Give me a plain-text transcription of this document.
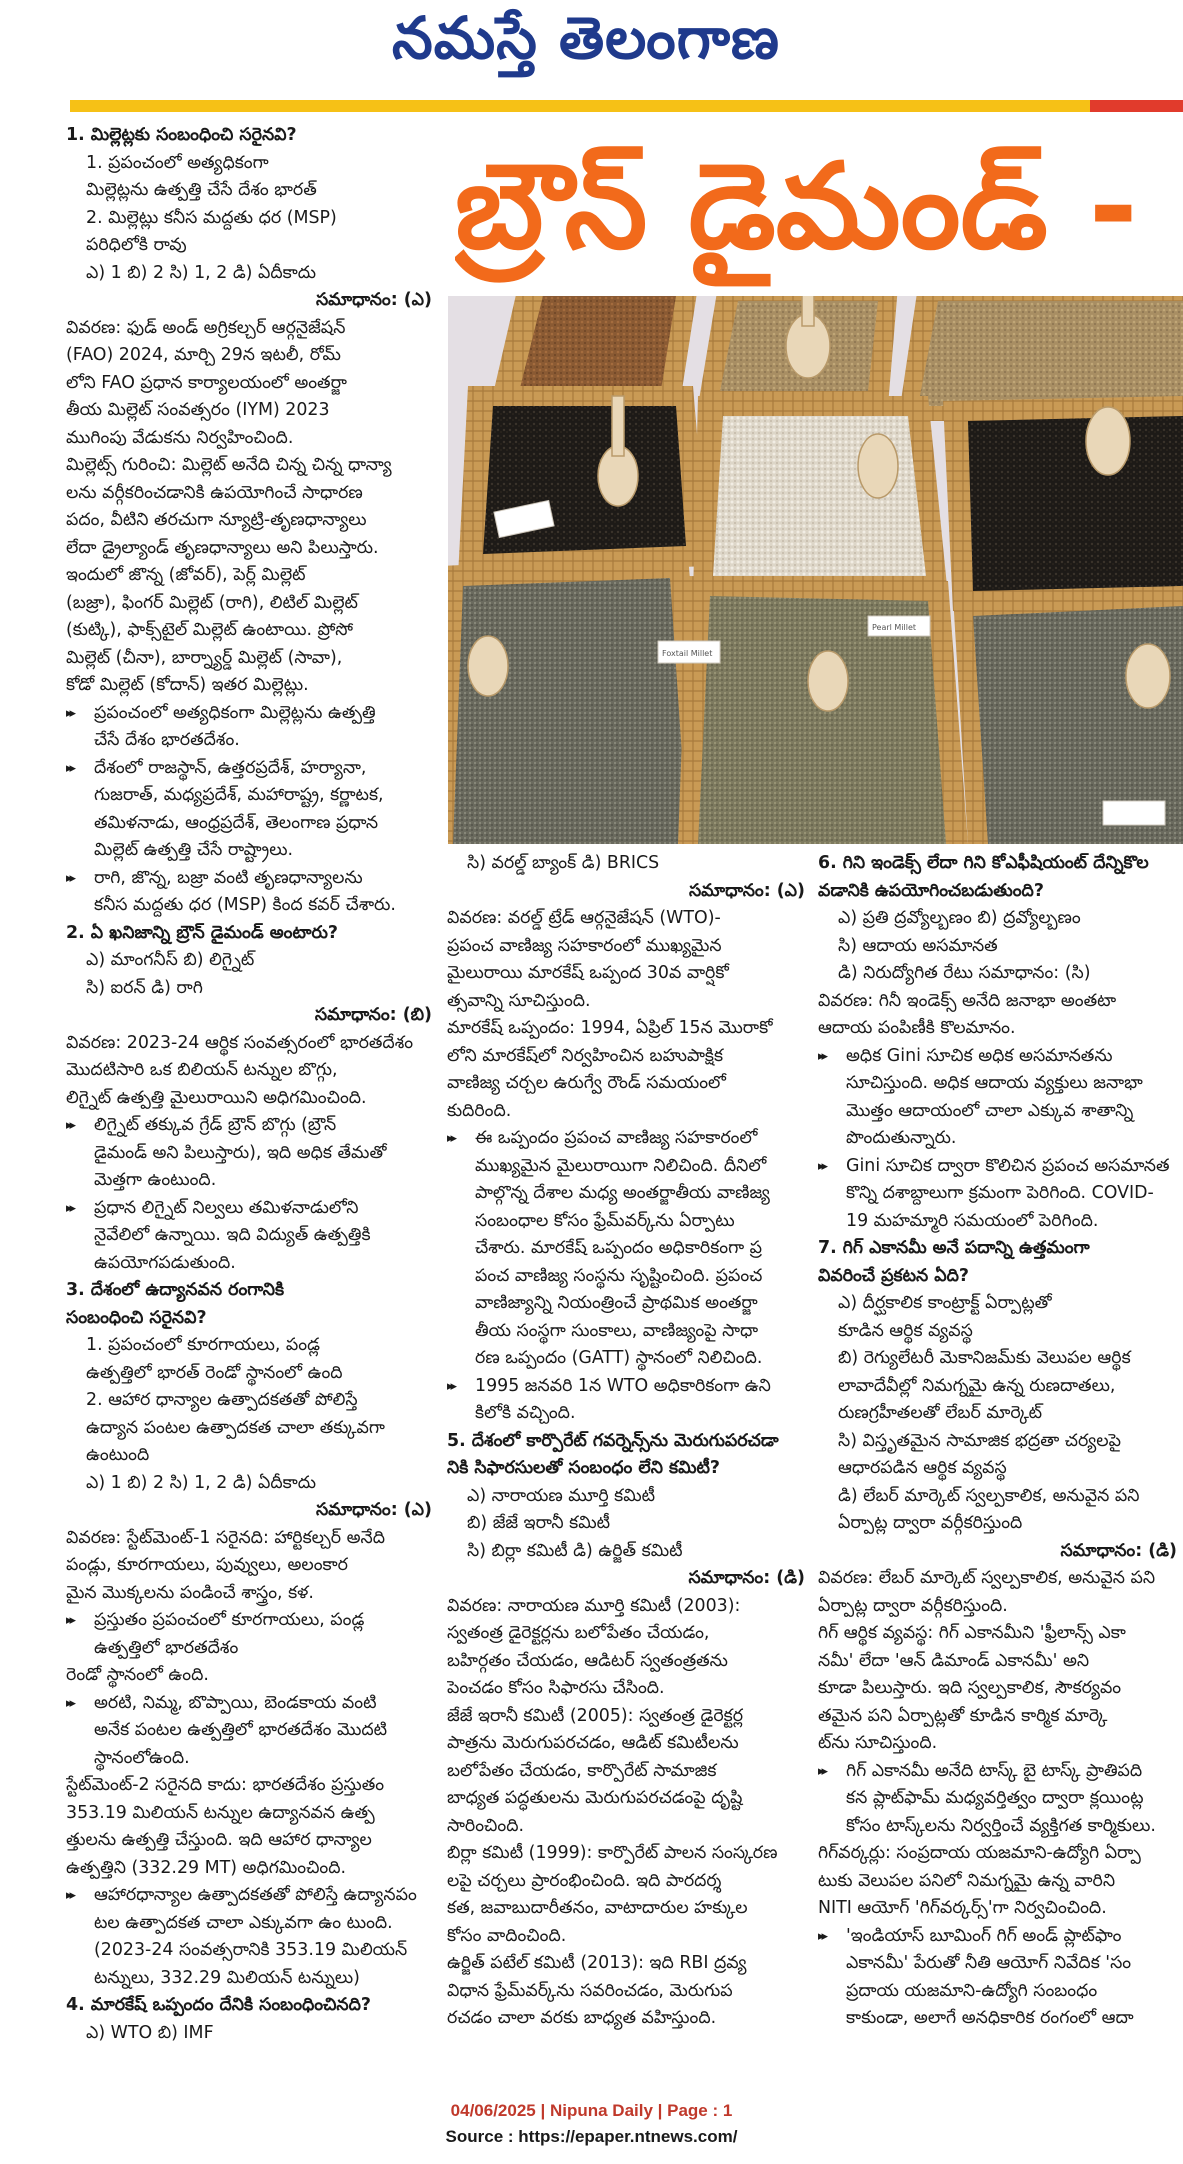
నమస్తే తెలంగాణ
బ్రౌన్ డైమండ్ -
Foxtail Millet
Pearl Millet
1. మిల్లెట్లకు సంబంధించి సరైనవి?
1. ప్రపంచంలో అత్యధికంగా
మిల్లెట్లను ఉత్పత్తి చేసే దేశం భారత్
2. మిల్లెట్లు కనీస మద్దతు ధర (MSP)
పరిధిలోకి రావు
ఎ) 1 బి) 2 సి) 1, 2 డి) ఏదీకాదు
సమాధానం: (ఎ)
వివరణ: ఫుడ్ అండ్ అగ్రికల్చర్ ఆర్గనైజేషన్
(FAO) 2024, మార్చి 29న ఇటలీ, రోమ్
లోని FAO ప్రధాన కార్యాలయంలో అంతర్జా
తీయ మిల్లెట్ సంవత్సరం (IYM) 2023
ముగింపు వేడుకను నిర్వహించింది.
మిల్లెట్స్ గురించి: మిల్లెట్ అనేది చిన్న చిన్న ధాన్యా
లను వర్గీకరించడానికి ఉపయోగించే సాధారణ
పదం, వీటిని తరచుగా న్యూట్రి-తృణధాన్యాలు
లేదా డ్రైల్యాండ్ తృణధాన్యాలు అని పిలుస్తారు.
ఇందులో జొన్న (జోవర్), పెర్ల్ మిల్లెట్
(బజ్రా), ఫింగర్ మిల్లెట్ (రాగి), లిటిల్ మిల్లెట్
(కుట్కి), ఫాక్స్‌టైల్ మిల్లెట్ ఉంటాయి. ప్రోసో
మిల్లెట్ (చీనా), బార్న్యార్డ్ మిల్లెట్ (సావా),
కోడో మిల్లెట్ (కోదాన్) ఇతర మిల్లెట్లు.
▸▸ ప్రపంచంలో అత్యధికంగా మిల్లెట్లను ఉత్పత్తి
చేసే దేశం భారతదేశం.
▸▸ దేశంలో రాజస్థాన్, ఉత్తరప్రదేశ్, హర్యానా,
గుజరాత్, మధ్యప్రదేశ్, మహారాష్ట్ర, కర్ణాటక,
తమిళనాడు, ఆంధ్రప్రదేశ్, తెలంగాణ ప్రధాన
మిల్లెట్ ఉత్పత్తి చేసే రాష్ట్రాలు.
▸▸ రాగి, జొన్న, బజ్రా వంటి తృణధాన్యాలను
కనీస మద్దతు ధర (MSP) కింద కవర్ చేశారు.
2. ఏ ఖనిజాన్ని బ్రౌన్ డైమండ్ అంటారు?
ఎ) మాంగనీస్ బి) లిగ్నైట్
సి) ఐరన్ డి) రాగి
సమాధానం: (బి)
వివరణ: 2023-24 ఆర్థిక సంవత్సరంలో భారతదేశం
మొదటిసారి ఒక బిలియన్ టన్నుల బొగ్గు,
లిగ్నైట్ ఉత్పత్తి మైలురాయిని అధిగమించింది.
▸▸ లిగ్నైట్ తక్కువ గ్రేడ్ బ్రౌన్ బొగ్గు (బ్రౌన్
డైమండ్ అని పిలుస్తారు), ఇది అధిక తేమతో
మెత్తగా ఉంటుంది.
▸▸ ప్రధాన లిగ్నైట్ నిల్వలు తమిళనాడులోని
నైవేలిలో ఉన్నాయి. ఇది విద్యుత్ ఉత్పత్తికి
ఉపయోగపడుతుంది.
3. దేశంలో ఉద్యానవన రంగానికి
సంబంధించి సరైనవి?
1. ప్రపంచంలో కూరగాయలు, పండ్ల
ఉత్పత్తిలో భారత్ రెండో స్థానంలో ఉంది
2. ఆహార ధాన్యాల ఉత్పాదకతతో పోలిస్తే
ఉద్యాన పంటల ఉత్పాదకత చాలా తక్కువగా
ఉంటుంది
ఎ) 1 బి) 2 సి) 1, 2 డి) ఏదీకాదు
సమాధానం: (ఎ)
వివరణ: స్టేట్‌మెంట్-1 సరైనది: హార్టికల్చర్ అనేది
పండ్లు, కూరగాయలు, పువ్వులు, అలంకార
మైన మొక్కలను పండించే శాస్త్రం, కళ.
▸▸ ప్రస్తుతం ప్రపంచంలో కూరగాయలు, పండ్ల
ఉత్పత్తిలో భారతదేశం
రెండో స్థానంలో ఉంది.
▸▸ అరటి, నిమ్మ, బొప్పాయి, బెండకాయ వంటి
అనేక పంటల ఉత్పత్తిలో భారతదేశం మొదటి
స్థానంలోఉంది.
స్టేట్‌మెంట్-2 సరైనది కాదు: భారతదేశం ప్రస్తుతం
353.19 మిలియన్ టన్నుల ఉద్యానవన ఉత్ప
త్తులను ఉత్పత్తి చేస్తుంది. ఇది ఆహార ధాన్యాల
ఉత్పత్తిని (332.29 MT) అధిగమించింది.
▸▸ ఆహారధాన్యాల ఉత్పాదకతతో పోలిస్తే ఉద్యానపం
టల ఉత్పాదకత చాలా ఎక్కువగా ఉం టుంది.
(2023-24 సంవత్సరానికి 353.19 మిలియన్
టన్నులు, 332.29 మిలియన్ టన్నులు)
4. మారకేష్ ఒప్పందం దేనికి సంబంధించినది?
ఎ) WTO బి) IMF
సి) వరల్డ్ బ్యాంక్ డి) BRICS
సమాధానం: (ఎ)
వివరణ: వరల్డ్ ట్రేడ్ ఆర్గనైజేషన్ (WTO)-
ప్రపంచ వాణిజ్య సహకారంలో ముఖ్యమైన
మైలురాయి మారకేష్ ఒప్పంద 30వ వార్షికో
త్సవాన్ని సూచిస్తుంది.
మారకేష్ ఒప్పందం: 1994, ఏప్రిల్ 15న మొరాకో
లోని మారకేష్‌లో నిర్వహించిన బహుపాక్షిక
వాణిజ్య చర్చల ఉరుగ్వే రౌండ్ సమయంలో
కుదిరింది.
▸▸ ఈ ఒప్పందం ప్రపంచ వాణిజ్య సహకారంలో
ముఖ్యమైన మైలురాయిగా నిలిచింది. దీనిలో
పాల్గొన్న దేశాల మధ్య అంతర్జాతీయ వాణిజ్య
సంబంధాల కోసం ఫ్రేమ్‌వర్క్‌ను ఏర్పాటు
చేశారు. మారకేష్ ఒప్పందం అధికారికంగా ప్ర
పంచ వాణిజ్య సంస్థను సృష్టించింది. ప్రపంచ
వాణిజ్యాన్ని నియంత్రించే ప్రాథమిక అంతర్జా
తీయ సంస్థగా సుంకాలు, వాణిజ్యంపై సాధా
రణ ఒప్పందం (GATT) స్థానంలో నిలిచింది.
▸▸ 1995 జనవరి 1న WTO అధికారికంగా ఉని
కిలోకి వచ్చింది.
5. దేశంలో కార్పొరేట్ గవర్నెన్స్‌ను మెరుగుపరచడా
నికి సిఫారసులతో సంబంధం లేని కమిటీ?
ఎ) నారాయణ మూర్తి కమిటీ
బి) జేజే ఇరానీ కమిటీ
సి) బిర్లా కమిటీ డి) ఉర్జిత్ కమిటీ
సమాధానం: (డి)
వివరణ: నారాయణ మూర్తి కమిటీ (2003):
స్వతంత్ర డైరెక్టర్లను బలోపేతం చేయడం,
బహిర్గతం చేయడం, ఆడిటర్ స్వతంత్రతను
పెంచడం కోసం సిఫారసు చేసింది.
జేజే ఇరానీ కమిటీ (2005): స్వతంత్ర డైరెక్టర్ల
పాత్రను మెరుగుపరచడం, ఆడిట్ కమిటీలను
బలోపేతం చేయడం, కార్పొరేట్ సామాజిక
బాధ్యత పద్ధతులను మెరుగుపరచడంపై దృష్టి
సారించింది.
బిర్లా కమిటీ (1999): కార్పొరేట్ పాలన సంస్కరణ
లపై చర్చలు ప్రారంభించింది. ఇది పారదర్శ
కత, జవాబుదారీతనం, వాటాదారుల హక్కుల
కోసం వాదించింది.
ఉర్జిత్ పటేల్ కమిటీ (2013): ఇది RBI ద్రవ్య
విధాన ఫ్రేమ్‌వర్క్‌ను సవరించడం, మెరుగుప
రచడం చాలా వరకు బాధ్యత వహిస్తుంది.
6. గిని ఇండెక్స్ లేదా గిని కోఎఫీషియంట్ దేన్నికొల
వడానికి ఉపయోగించబడుతుంది?
ఎ) ప్రతి ద్రవ్యోల్బణం బి) ద్రవ్యోల్బణం
సి) ఆదాయ అసమానత
డి) నిరుద్యోగిత రేటు సమాధానం: (సి)
వివరణ: గినీ ఇండెక్స్ అనేది జనాభా అంతటా
ఆదాయ పంపిణీకి కొలమానం.
▸▸ అధిక Gini సూచిక అధిక అసమానతను
సూచిస్తుంది. అధిక ఆదాయ వ్యక్తులు జనాభా
మొత్తం ఆదాయంలో చాలా ఎక్కువ శాతాన్ని
పొందుతున్నారు.
▸▸ Gini సూచిక ద్వారా కొలిచిన ప్రపంచ అసమానత
కొన్ని దశాబ్దాలుగా క్రమంగా పెరిగింది. COVID-
19 మహమ్మారి సమయంలో పెరిగింది.
7. గిగ్ ఎకానమీ అనే పదాన్ని ఉత్తమంగా
వివరించే ప్రకటన ఏది?
ఎ) దీర్ఘకాలిక కాంట్రాక్ట్ ఏర్పాట్లతో
కూడిన ఆర్థిక వ్యవస్థ
బి) రెగ్యులేటరీ మెకానిజమ్‌కు వెలుపల ఆర్థిక
లావాదేవీల్లో నిమగ్నమై ఉన్న రుణదాతలు,
రుణగ్రహీతలతో లేబర్ మార్కెట్
సి) విస్తృతమైన సామాజిక భద్రతా చర్యలపై
ఆధారపడిన ఆర్థిక వ్యవస్థ
డి) లేబర్ మార్కెట్ స్వల్పకాలిక, అనువైన పని
ఏర్పాట్ల ద్వారా వర్గీకరిస్తుంది
సమాధానం: (డి)
వివరణ: లేబర్ మార్కెట్ స్వల్పకాలిక, అనువైన పని
ఏర్పాట్ల ద్వారా వర్గీకరిస్తుంది.
గిగ్ ఆర్థిక వ్యవస్థ: గిగ్ ఎకానమీని 'ఫ్రీలాన్స్ ఎకా
నమీ' లేదా 'ఆన్ డిమాండ్ ఎకానమీ' అని
కూడా పిలుస్తారు. ఇది స్వల్పకాలిక, సౌకర్యవం
తమైన పని ఏర్పాట్లతో కూడిన కార్మిక మార్కె
ట్‌ను సూచిస్తుంది.
▸▸ గిగ్ ఎకానమీ అనేది టాస్క్ బై టాస్క్ ప్రాతిపది
కన ప్లాట్‌ఫామ్ మధ్యవర్తిత్వం ద్వారా క్లయింట్ల
కోసం టాస్క్‌లను నిర్వర్తించే వ్యక్తిగత కార్మికులు.
గిగ్‌వర్కర్లు: సంప్రదాయ యజమాని-ఉద్యోగి ఏర్పా
టుకు వెలుపల పనిలో నిమగ్నమై ఉన్న వారిని
NITI ఆయోగ్ 'గిగ్‌వర్కర్స్'గా నిర్వచించింది.
▸▸ 'ఇండియాస్ బూమింగ్ గిగ్ అండ్ ప్లాట్‌ఫాం
ఎకానమీ' పేరుతో నీతి ఆయోగ్ నివేదిక 'సం
ప్రదాయ యజమాని-ఉద్యోగి సంబంధం
కాకుండా, అలాగే అనధికారిక రంగంలో ఆదా
04/06/2025 | Nipuna Daily | Page : 1
Source : https://epaper.ntnews.com/
